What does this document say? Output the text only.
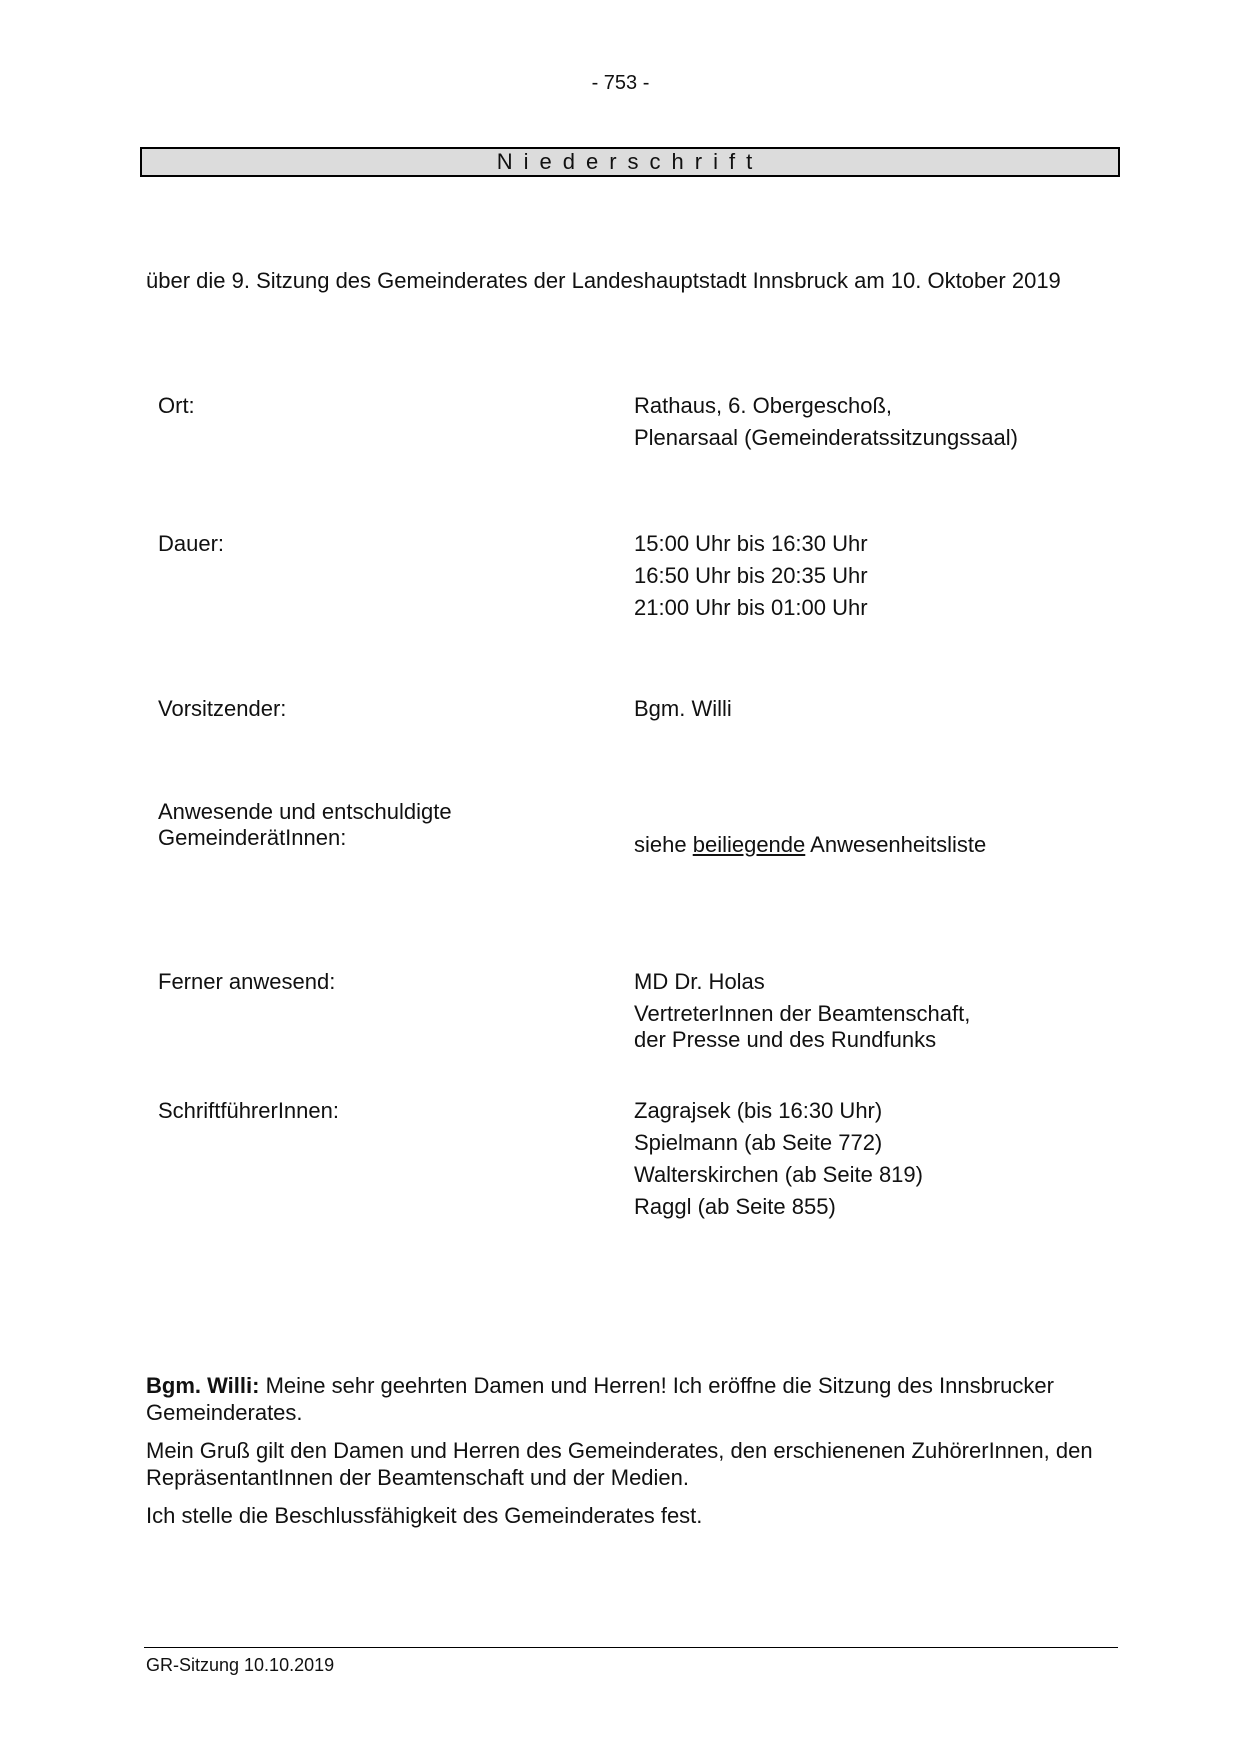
- 753 -
Niederschrift
über die 9. Sitzung des Gemeinderates der Landeshauptstadt Innsbruck am 10. Oktober 2019
Ort:	Rathaus, 6. Obergeschoß,
Plenarsaal (Gemeinderatssitzungssaal)
Dauer:	15:00 Uhr bis 16:30 Uhr
16:50 Uhr bis 20:35 Uhr
21:00 Uhr bis 01:00 Uhr
Vorsitzender:	Bgm. Willi
Anwesende und entschuldigte
GemeinderätInnen:	siehe beiliegende Anwesenheitsliste
Ferner anwesend:	MD Dr. Holas
VertreterInnen der Beamtenschaft,
der Presse und des Rundfunks
SchriftführerInnen:	Zagrajsek (bis 16:30 Uhr)
Spielmann (ab Seite 772)
Walterskirchen (ab Seite 819)
Raggl (ab Seite 855)

Bgm. Willi: Meine sehr geehrten Damen und Herren! Ich eröffne die Sitzung des Innsbrucker Gemeinderates.

Mein Gruß gilt den Damen und Herren des Gemeinderates, den erschienenen ZuhörerInnen, den RepräsentantInnen der Beamtenschaft und der Medien.

Ich stelle die Beschlussfähigkeit des Gemeinderates fest.

GR-Sitzung 10.10.2019
